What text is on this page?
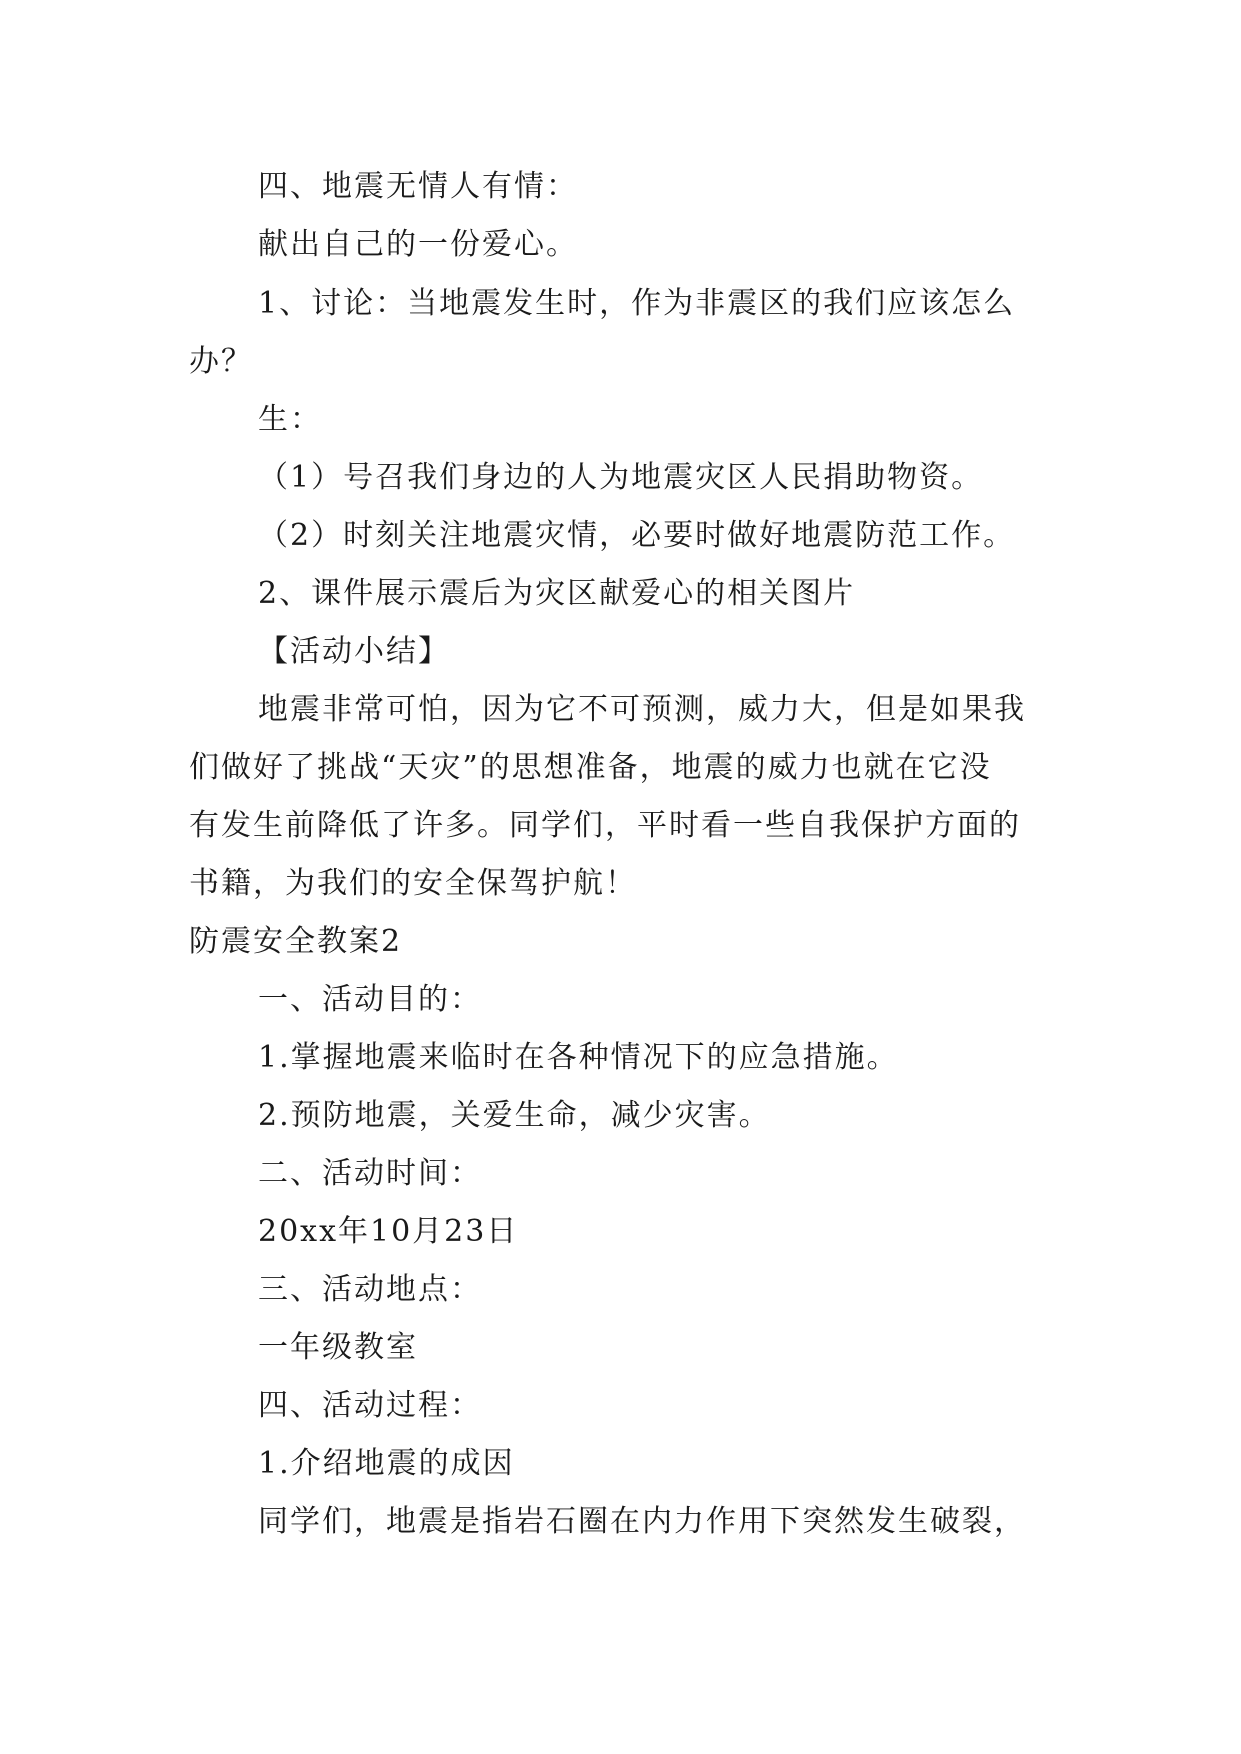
四、地震无情人有情：
献出自己的一份爱心。
1、讨论：当地震发生时，作为非震区的我们应该怎么
办？
生：
（1）号召我们身边的人为地震灾区人民捐助物资。
（2）时刻关注地震灾情，必要时做好地震防范工作。
2、课件展示震后为灾区献爱心的相关图片
【活动小结】
地震非常可怕，因为它不可预测，威力大，但是如果我
们做好了挑战“天灾”的思想准备，地震的威力也就在它没
有发生前降低了许多。同学们，平时看一些自我保护方面的
书籍，为我们的安全保驾护航！
防震安全教案2
一、活动目的：
1.掌握地震来临时在各种情况下的应急措施。
2.预防地震，关爱生命，减少灾害。
二、活动时间：
20xx年10月23日
三、活动地点：
一年级教室
四、活动过程：
1.介绍地震的成因
同学们，地震是指岩石圈在内力作用下突然发生破裂，
